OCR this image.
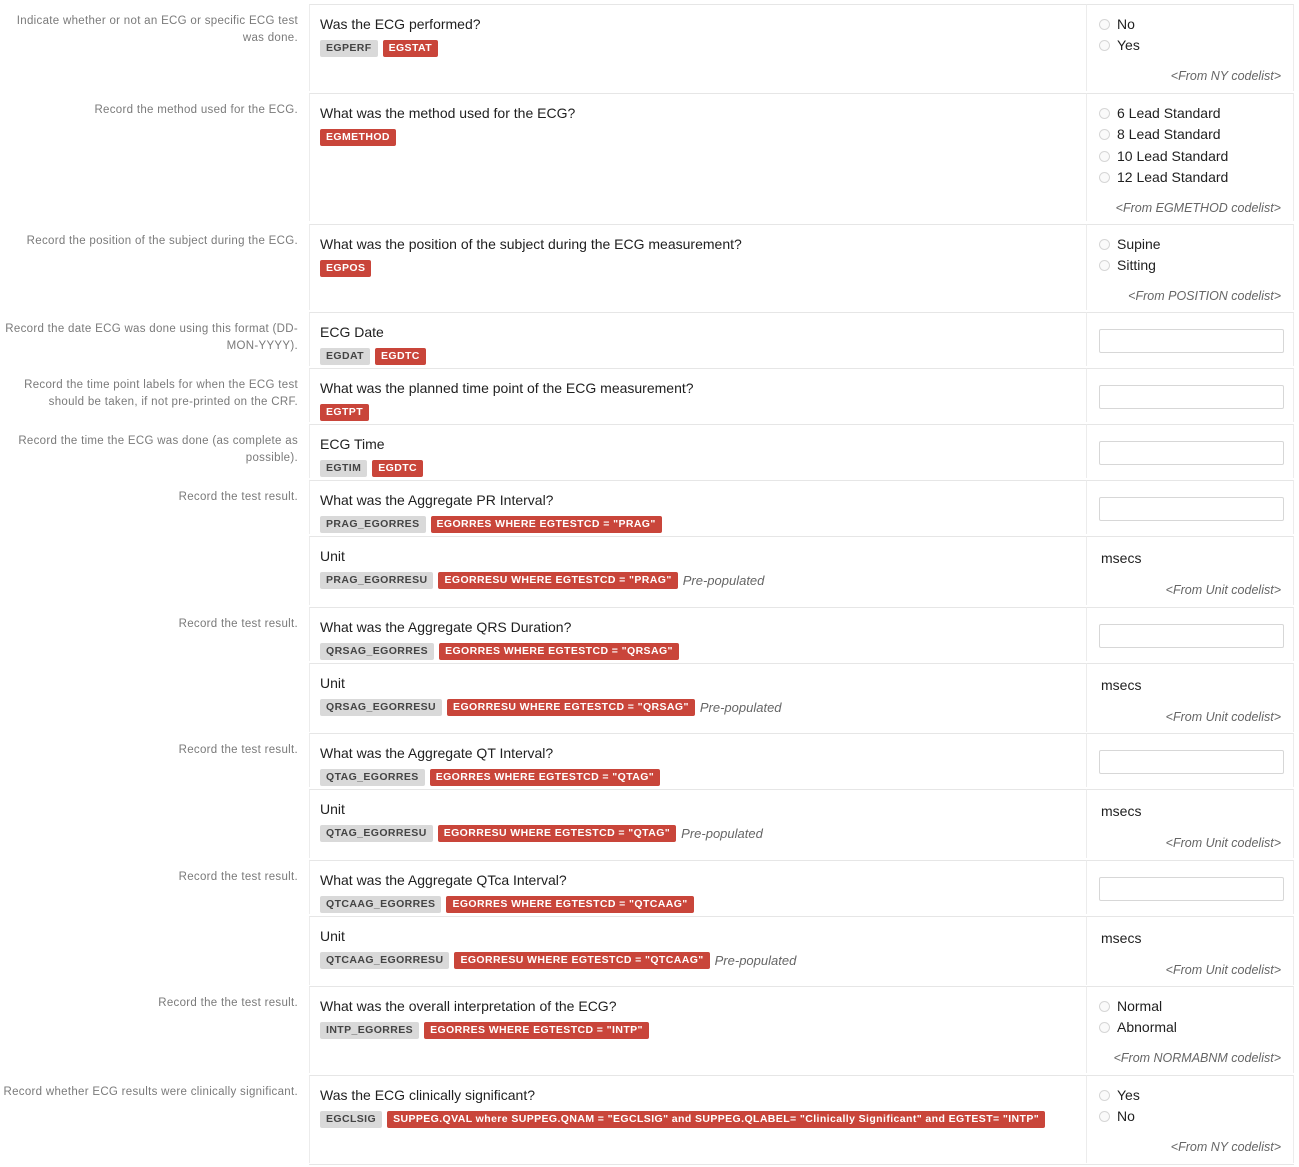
Indicate whether or not an ECG or specific ECG test was done.
Was the ECG performed?
EGPERF	EGSTAT
No
Yes
<From NY codelist>
Record the method used for the ECG. What was the method used for the ECG?
EGMETHOD
6 Lead Standard
8 Lead Standard
10 Lead Standard
12 Lead Standard
<From EGMETHOD codelist>
Record the position of the subject during the ECG. What was the position of the subject during the ECG measurement?
EGPOS
Supine
Sitting
<From POSITION codelist>
Record the date ECG was done using this format (DD-MON-YYYY).
ECG Date
EGDAT	EGDTC
Record the time point labels for when the ECG test should be taken, if not pre-printed on the CRF.
What was the planned time point of the ECG measurement?
EGTPT
Record the time the ECG was done (as complete as possible).
ECG Time
EGTIM	EGDTC
Record the test result. What was the Aggregate PR Interval?
PRAG_EGORRES	EGORRES WHERE EGTESTCD = "PRAG"
Unit
PRAG_EGORRESU	EGORRESU WHERE EGTESTCD = "PRAG" Pre-populated
msecs
<From Unit codelist>
Record the test result. What was the Aggregate QRS Duration?
QRSAG_EGORRES	EGORRES WHERE EGTESTCD = "QRSAG"
Unit
QRSAG_EGORRESU	EGORRESU WHERE EGTESTCD = "QRSAG" Pre-populated
msecs
<From Unit codelist>
Record the test result. What was the Aggregate QT Interval?
QTAG_EGORRES	EGORRES WHERE EGTESTCD = "QTAG"
Unit
QTAG_EGORRESU	EGORRESU WHERE EGTESTCD = "QTAG" Pre-populated
msecs
<From Unit codelist>
Record the test result. What was the Aggregate QTca Interval?
QTCAAG_EGORRES	EGORRES WHERE EGTESTCD = "QTCAAG"
Unit
QTCAAG_EGORRESU	EGORRESU WHERE EGTESTCD = "QTCAAG" Pre-populated
msecs
<From Unit codelist>
Record the the test result. What was the overall interpretation of the ECG?
INTP_EGORRES	EGORRES WHERE EGTESTCD = "INTP"
Normal
Abnormal
<From NORMABNM codelist>
Record whether ECG results were clinically significant. Was the ECG clinically significant?
EGCLSIG	SUPPEG.QVAL where SUPPEG.QNAM = "EGCLSIG" and SUPPEG.QLABEL= "Clinically Significant" and EGTEST= "INTP"
Yes
No
<From NY codelist>
